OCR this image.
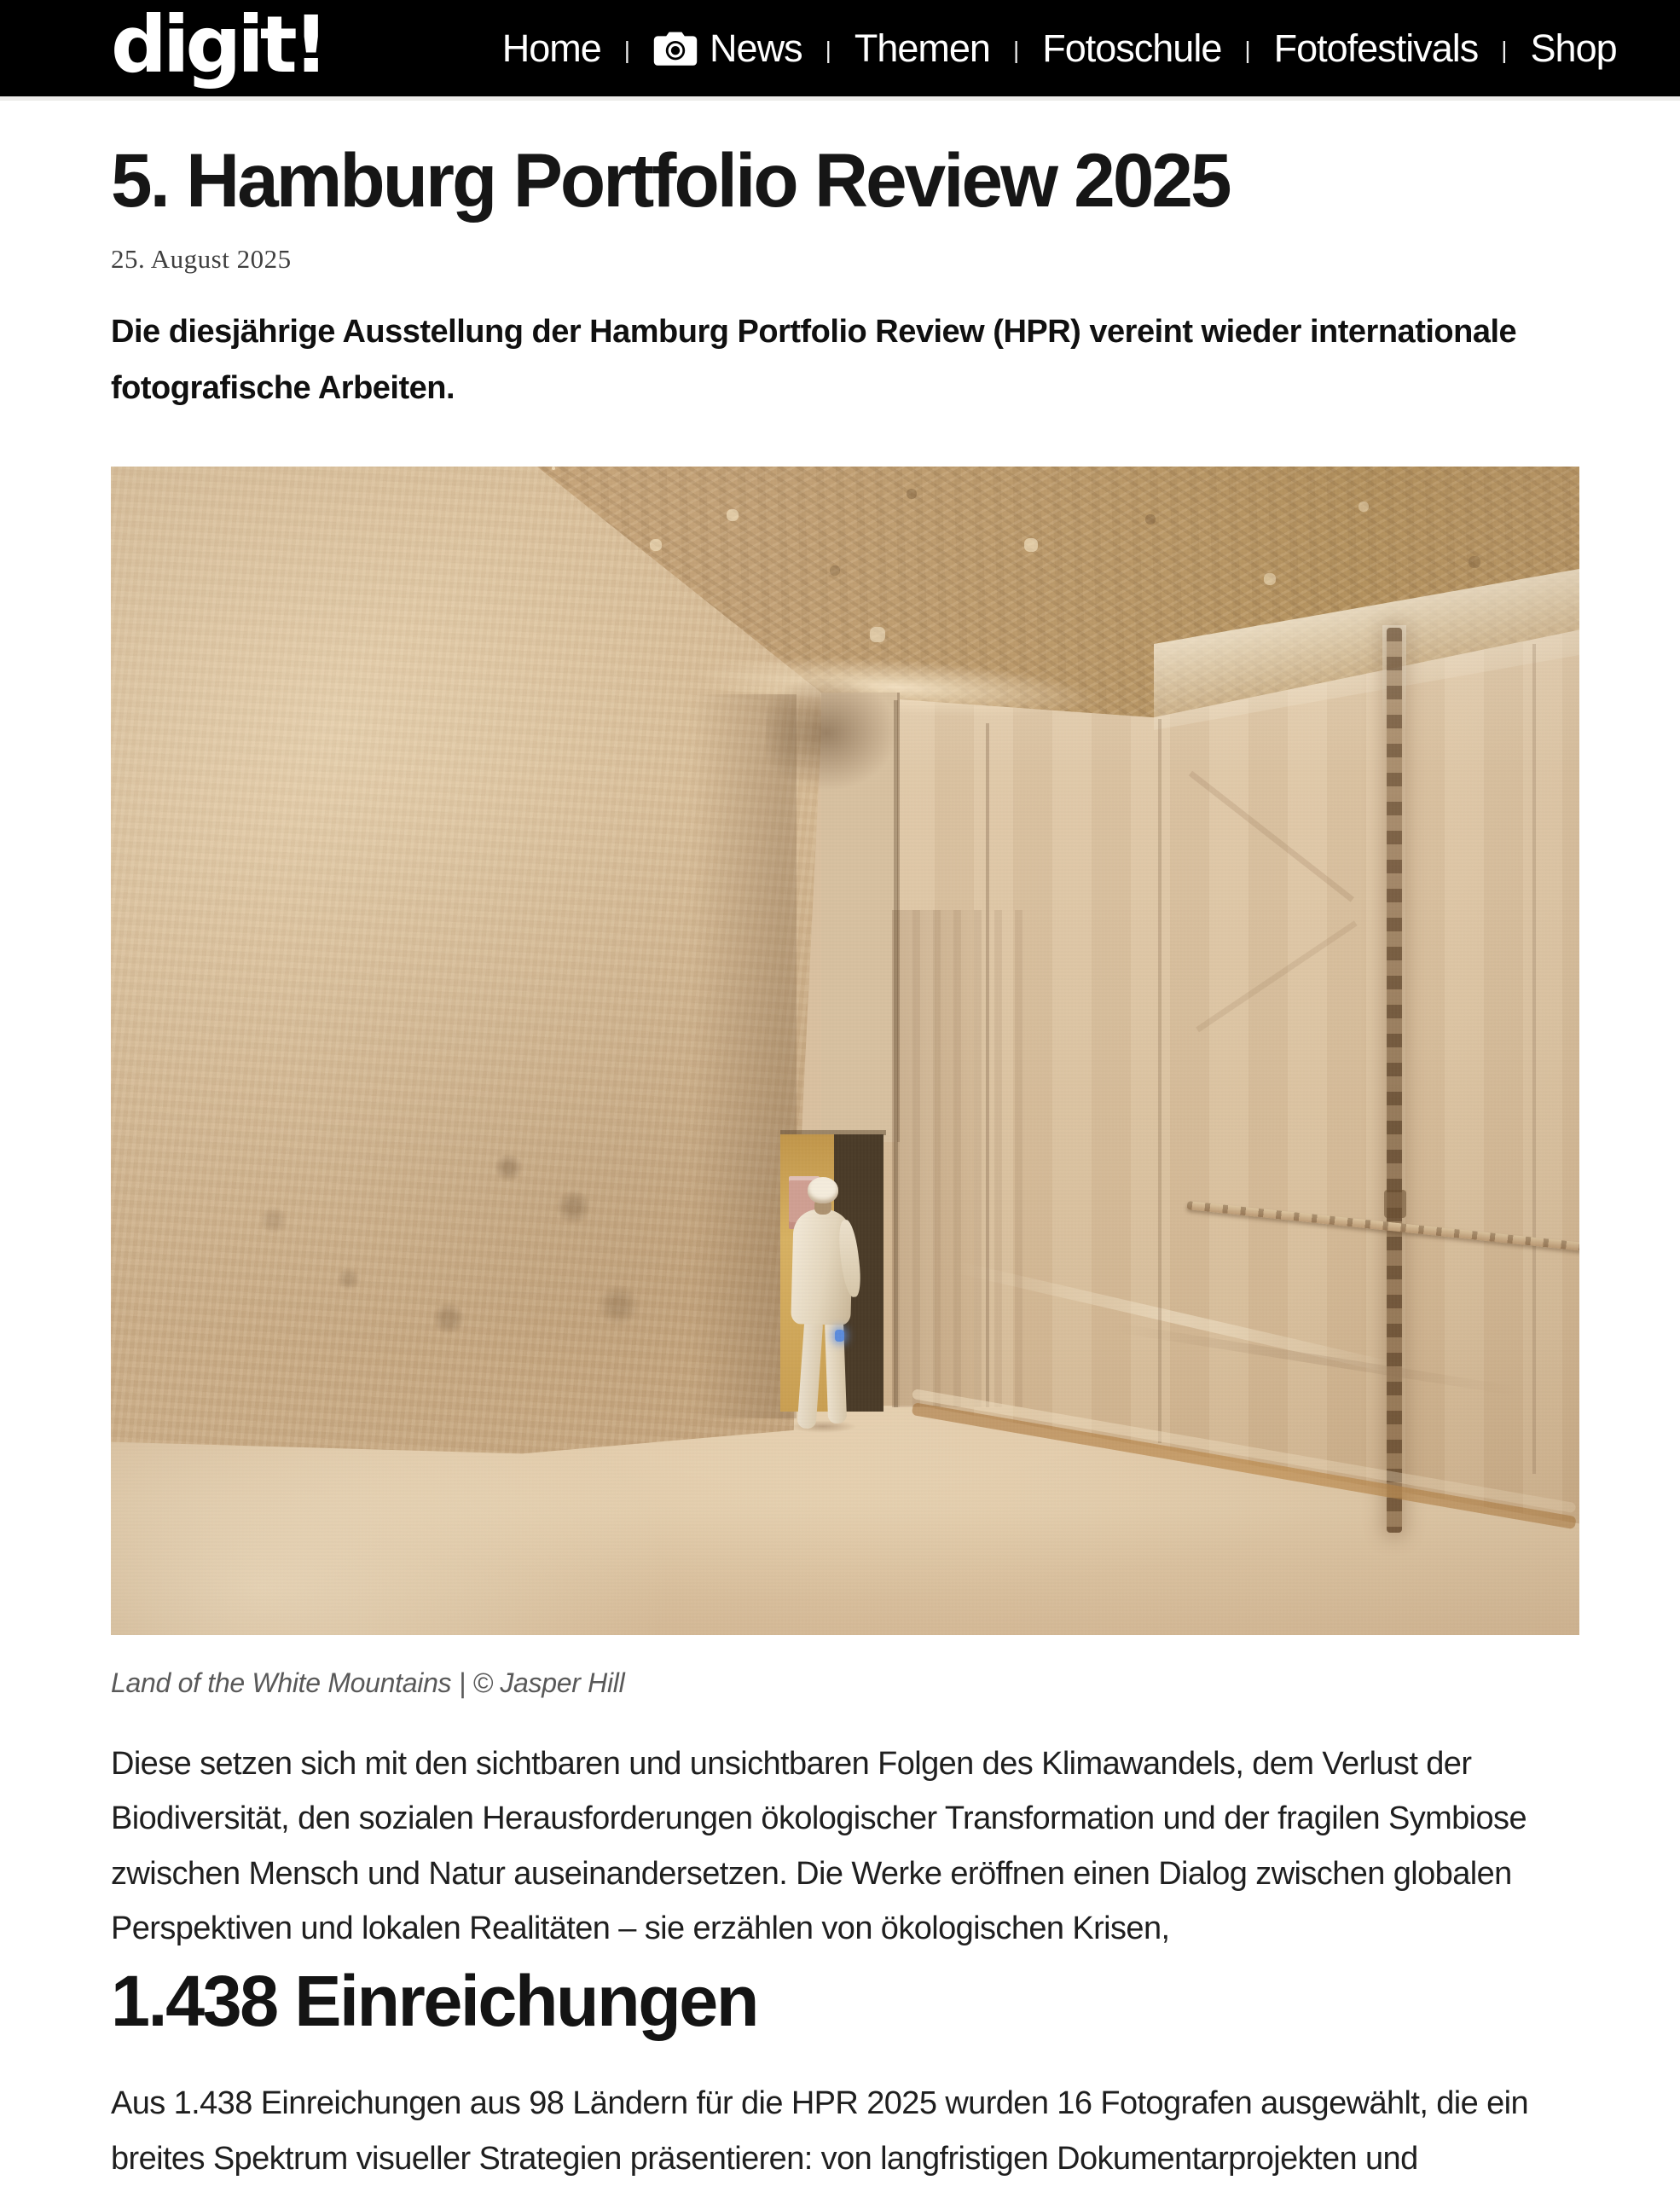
digit!	Home | News | Themen | Fotoschule | Fotofestivals | Shop
5. Hamburg Portfolio Review 2025
25. August 2025

Die diesjährige Ausstellung der Hamburg Portfolio Review (HPR) vereint wieder internationale fotografische Arbeiten.

Land of the White Mountains | © Jasper Hill

Diese setzen sich mit den sichtbaren und unsichtbaren Folgen des Klimawandels, dem Verlust der Biodiversität, den sozialen Herausforderungen ökologischer Transformation und der fragilen Symbiose zwischen Mensch und Natur auseinandersetzen. Die Werke eröffnen einen Dialog zwischen globalen Perspektiven und lokalen Realitäten – sie erzählen von ökologischen Krisen,

1.438 Einreichungen

Aus 1.438 Einreichungen aus 98 Ländern für die HPR 2025 wurden 16 Fotografen ausgewählt, die ein breites Spektrum visueller Strategien präsentieren: von langfristigen Dokumentarprojekten und
